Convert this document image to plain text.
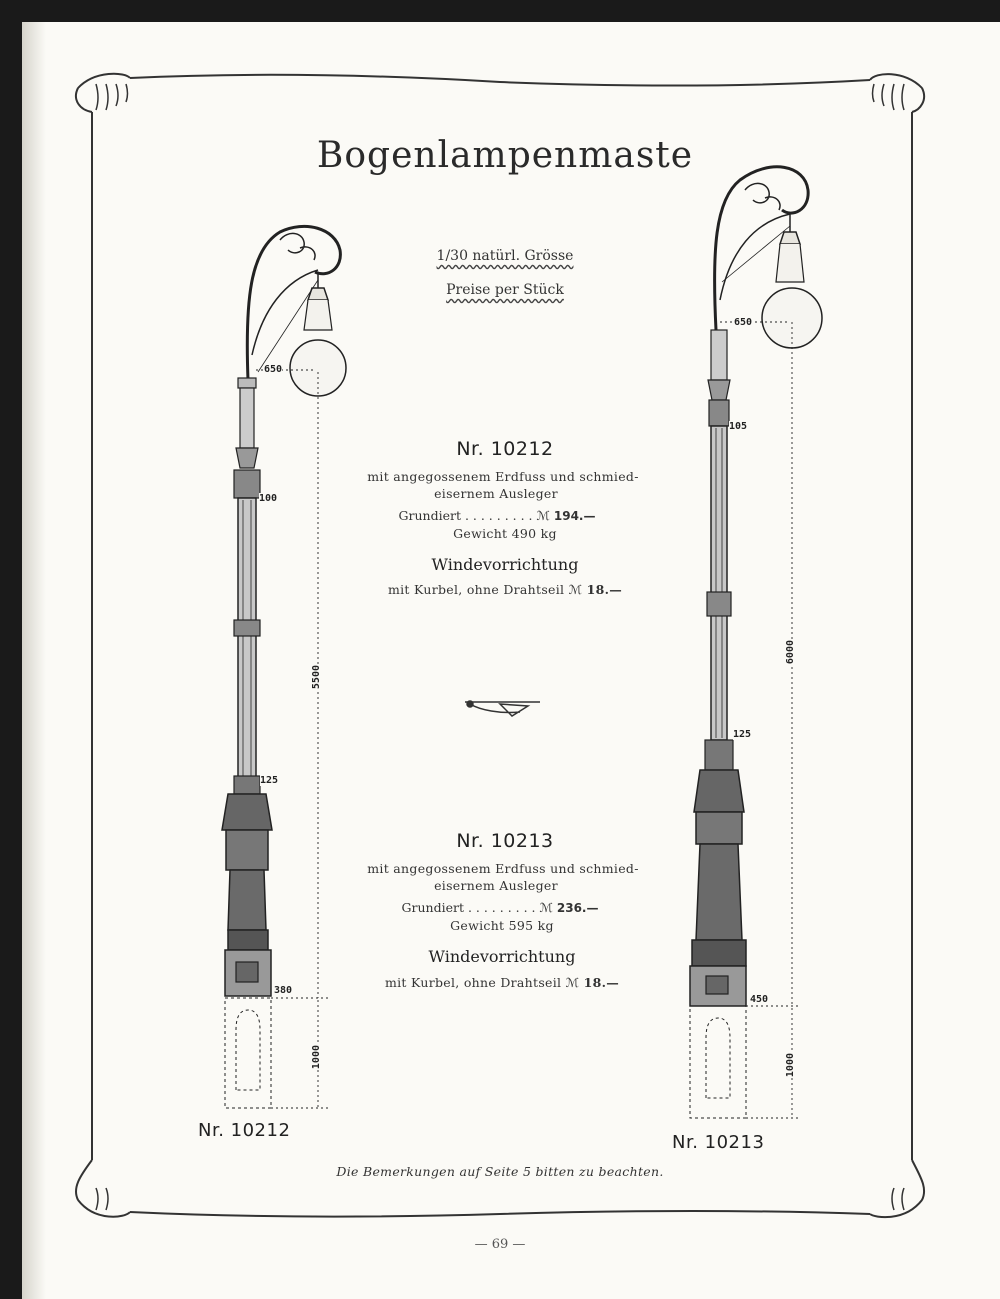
Bogenlampenmaste
1/30 natürl. Grösse
Preise per Stück
Nr. 10212
mit angegossenem Erdfuss und schmied-
eisernem Ausleger
Grundiert . . . . . . . . . ℳ 194.—
Gewicht 490 kg
Windevorrichtung
mit Kurbel, ohne Drahtseil ℳ 18.—
Nr. 10213
mit angegossenem Erdfuss und schmied-
eisernem Ausleger
Grundiert . . . . . . . . . ℳ 236.—
Gewicht 595 kg
Windevorrichtung
mit Kurbel, ohne Drahtseil ℳ 18.—
650
100
125
5500
380
1000
Nr. 10212
650
105
125
6000
450
1000
Nr. 10213
Die Bemerkungen auf Seite 5 bitten zu beachten.
— 69 —
